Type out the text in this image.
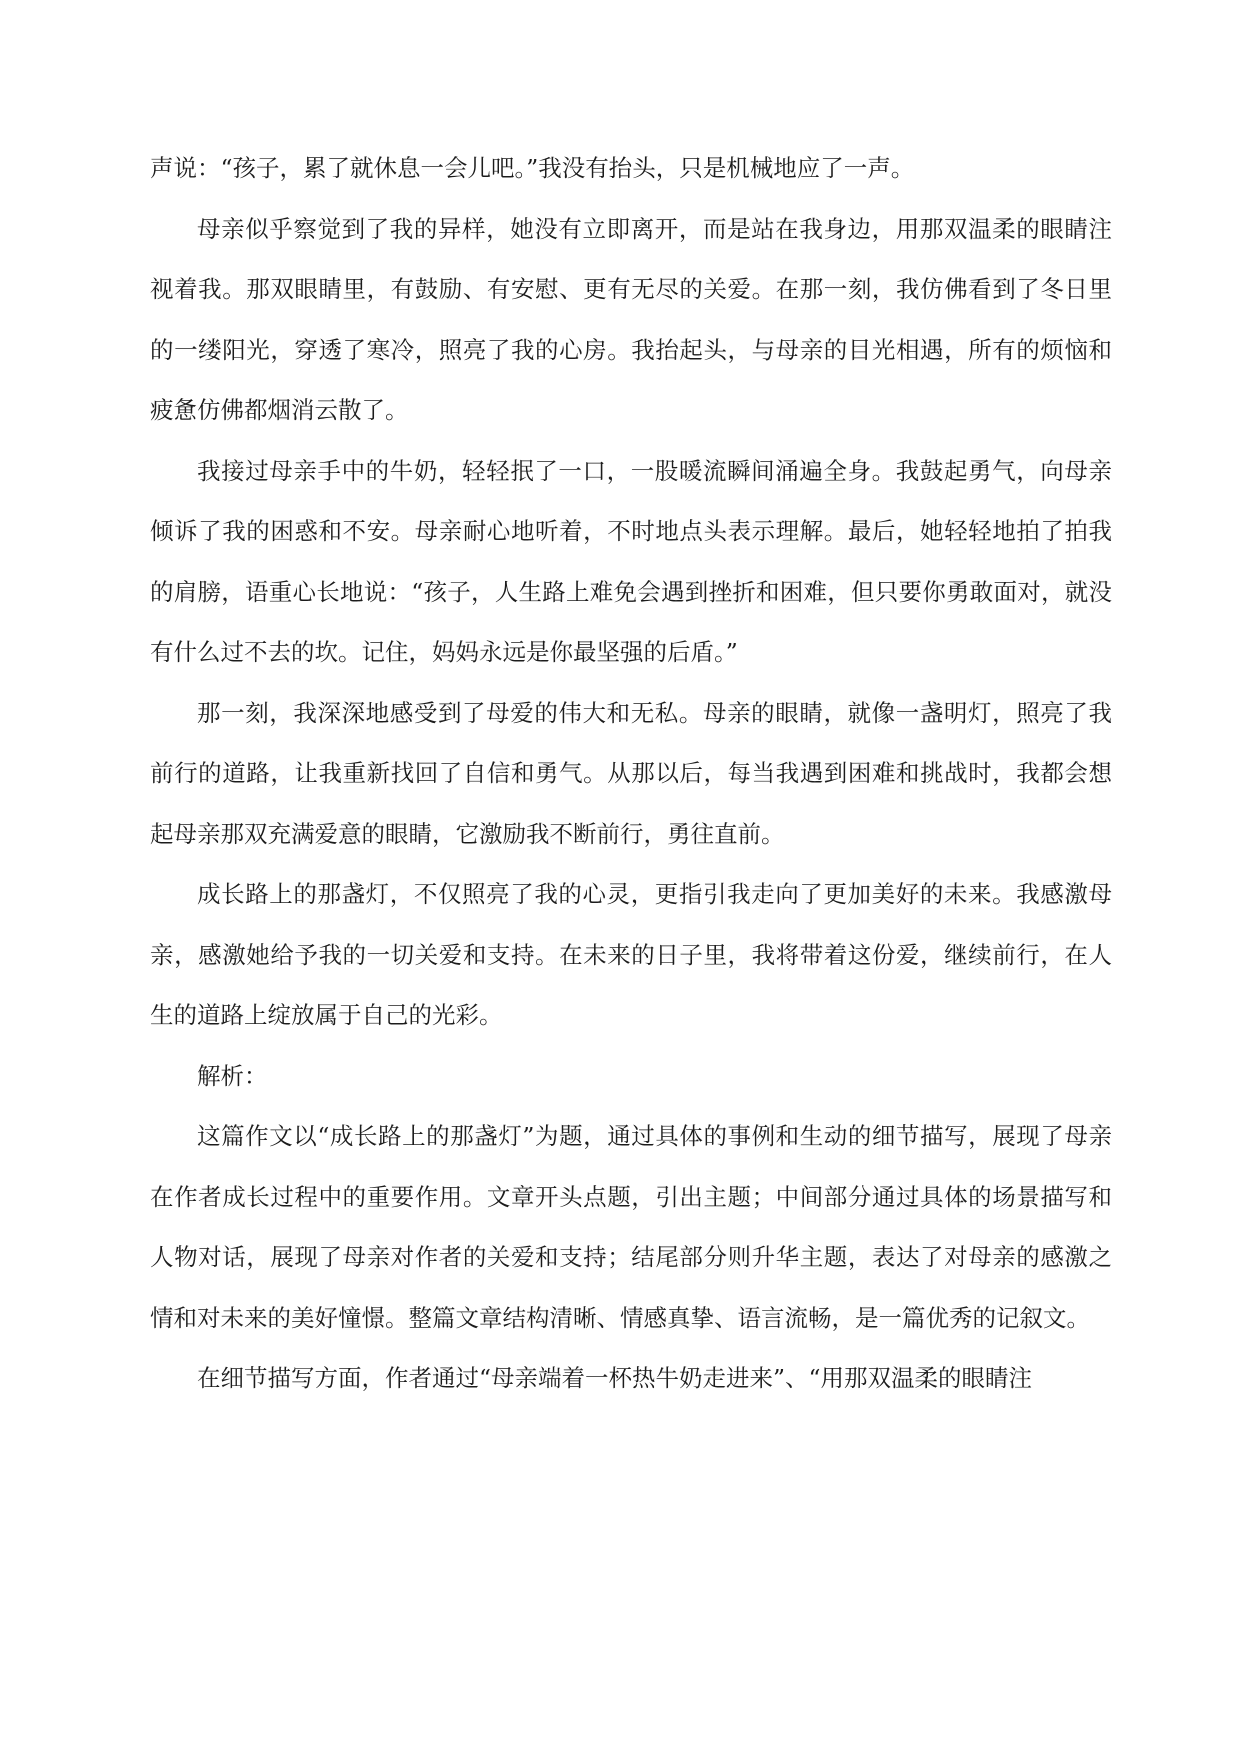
声说：“孩子，累了就休息一会儿吧。”我没有抬头，只是机械地应了一声。

母亲似乎察觉到了我的异样，她没有立即离开，而是站在我身边，用那双温柔的眼睛注视着我。那双眼睛里，有鼓励、有安慰、更有无尽的关爱。在那一刻，我仿佛看到了冬日里的一缕阳光，穿透了寒冷，照亮了我的心房。我抬起头，与母亲的目光相遇，所有的烦恼和疲惫仿佛都烟消云散了。

我接过母亲手中的牛奶，轻轻抿了一口，一股暖流瞬间涌遍全身。我鼓起勇气，向母亲倾诉了我的困惑和不安。母亲耐心地听着，不时地点头表示理解。最后，她轻轻地拍了拍我的肩膀，语重心长地说：“孩子，人生路上难免会遇到挫折和困难，但只要你勇敢面对，就没有什么过不去的坎。记住，妈妈永远是你最坚强的后盾。”

那一刻，我深深地感受到了母爱的伟大和无私。母亲的眼睛，就像一盏明灯，照亮了我前行的道路，让我重新找回了自信和勇气。从那以后，每当我遇到困难和挑战时，我都会想起母亲那双充满爱意的眼睛，它激励我不断前行，勇往直前。

成长路上的那盏灯，不仅照亮了我的心灵，更指引我走向了更加美好的未来。我感激母亲，感激她给予我的一切关爱和支持。在未来的日子里，我将带着这份爱，继续前行，在人生的道路上绽放属于自己的光彩。

解析：

这篇作文以“成长路上的那盏灯”为题，通过具体的事例和生动的细节描写，展现了母亲在作者成长过程中的重要作用。文章开头点题，引出主题；中间部分通过具体的场景描写和人物对话，展现了母亲对作者的关爱和支持；结尾部分则升华主题，表达了对母亲的感激之情和对未来的美好憧憬。整篇文章结构清晰、情感真挚、语言流畅，是一篇优秀的记叙文。

在细节描写方面，作者通过“母亲端着一杯热牛奶走进来”、“用那双温柔的眼睛注
